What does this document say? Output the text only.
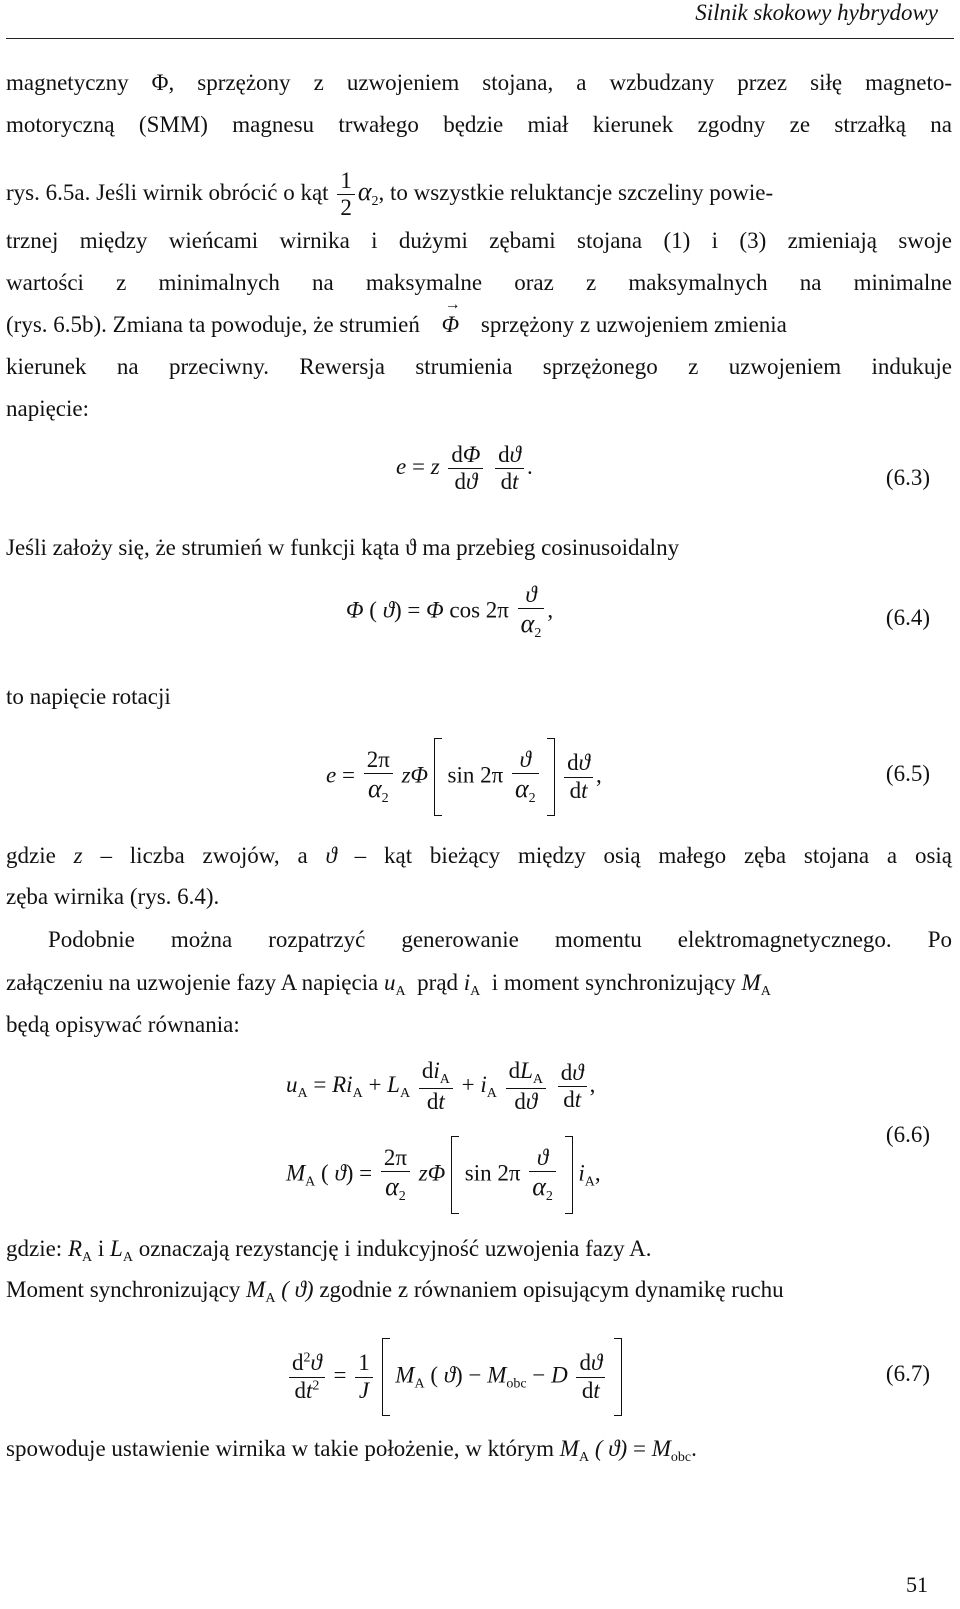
Silnik skokowy hybrydowy
magnetyczny Φ, sprzężony z uzwojeniem stojana, a wzbudzany przez siłę magneto-
motoryczną (SMM) magnesu trwałego będzie miał kierunek zgodny ze strzałką na
rys. 6.5a. Jeśli wirnik obrócić o kąt $\frac{1}{2} \alpha_2$, to wszystkie reluktancje szczeliny powie-
trznej między wieńcami wirnika i dużymi zębami stojana (1) i (3) zmieniają swoje
wartości z minimalnych na maksymalne oraz z maksymalnych na minimalne
(rys. 6.5b). Zmiana ta powoduje, że strumień
→
Φ sprzężony z uzwojeniem zmienia
kierunek na przeciwny. Rewersja strumienia sprzężonego z uzwojeniem indukuje
napięcie:
e = z $\frac{d\Phi}{dϑ}$
$\frac{dϑ}{dt}$ .	(6.3)
Jeśli założy się, że strumień w funkcji kąta ϑ ma przebieg cosinusoidalny
Φ ( ϑ) = Φ $\cos 2\pi \frac{ϑ}{\alpha_2}$ ,	(6.4)
to napięcie rotacji
$e = \frac{2\pi}{\alpha_2}$ zΦ  $\sin 2\pi \frac{ϑ}{\alpha_2}$
$\frac{dϑ}{dt}$ ,	(6.5)
gdzie z – liczba zwojów, a ϑ – kąt bieżący między osią małego zęba stojana a osią
zęba wirnika (rys. 6.4).
Podobnie można rozpatrzyć generowanie momentu elektromagnetycznego. Po
załączeniu na uzwojenie fazy A napięcia $u_A$ prąd $i_A$ i moment synchronizujący $M_A$
będą opisywać równania:
$u_A = Ri_A + L_A \frac{di_A}{dt} + i_A \frac{dL_A}{dϑ}$
$\frac{dϑ}{dt}$ ,
$M_A$ ( $ϑ) = \frac{2\pi}{\alpha_2}$ zΦ  $\sin 2\pi \frac{ϑ}{\alpha_2} i_A$,
(6.6)
gdzie: $R_A$ i $L_A$ oznaczają rezystancję i indukcyjność uzwojenia fazy A.
Moment synchronizujący $M_A$ ( ϑ) zgodnie z równaniem opisującym dynamikę ruchu
$\frac{d^2ϑ}{dt^2} = \frac{1}{J} M_A$ ( $ϑ) - M_{obc} - D \frac{dϑ}{dt}$
	(6.7)
spowoduje ustawienie wirnika w takie położenie, w którym $M_A$ ( $ϑ) = M_{obc}$.
51
